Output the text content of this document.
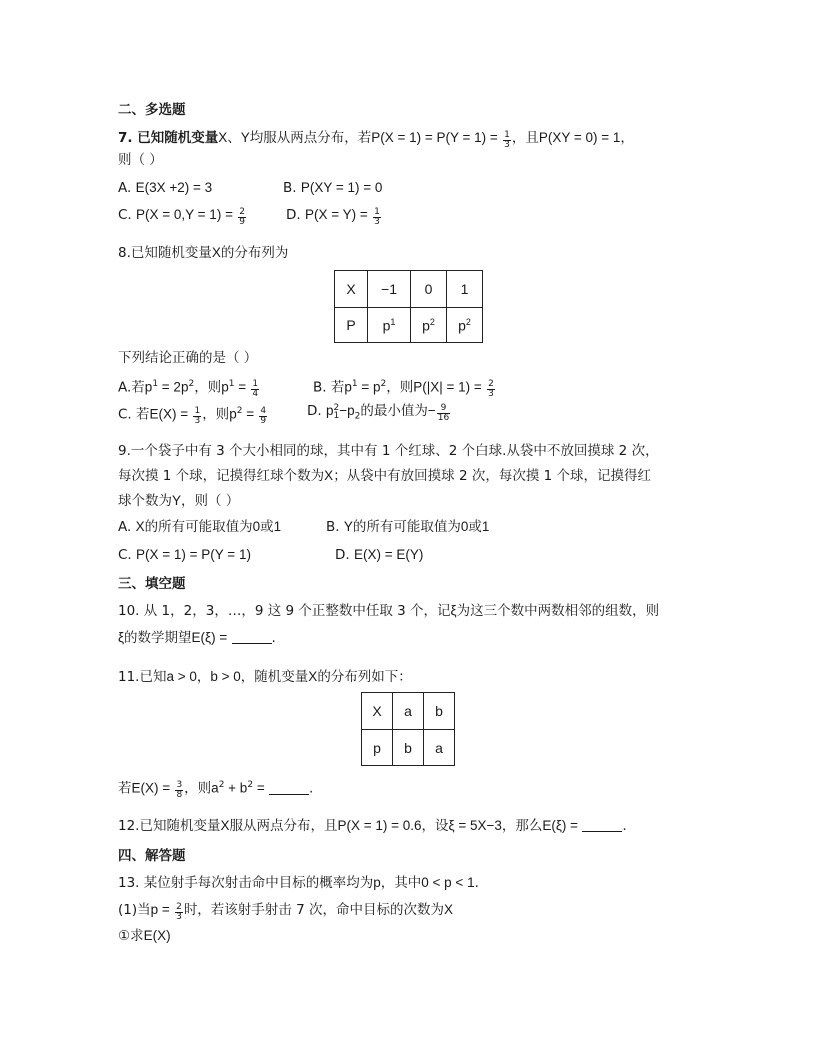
二、多选题
7. 已知随机变量X、Y均服从两点分布，若$P(X = 1) = P(Y = 1) = \frac{1}{3}$ ，且P(XY = 0) = 1，
则（ ）
A. E(3X +2) = 3	B. P(XY = 1) = 0
C. $P(X = 0,Y = 1) = \frac{2}{9}$	D. $P(X = Y) = \frac{1}{3}$
8.已知随机变量X的分布列为
X	−1	0	1
P	$p^1$	$p^2$	$p^2$
下列结论正确的是（ ）
A.若$p^1 = 2p^2$，则$p^1 = \frac{1}{4}$	B. 若$p^1 = p^2$，则$P(|X| = 1) = \frac{2}{3}$
C. 若$E(X) = \frac{1}{3}$ ，则$p^2 = \frac{4}{9}$	D. p 2
$1 -p_2$的最小值为− $\frac{9}{16}$
9.一个袋子中有 3 个大小相同的球，其中有 1 个红球、2 个白球.从袋中不放回摸球 2 次，
每次摸 1 个球，记摸得红球个数为X；从袋中有放回摸球 2 次，每次摸 1 个球，记摸得红
球个数为Y，则（ ）
A. X的所有可能取值为0或1	B. Y的所有可能取值为0或1
C. P(X = 1) = P(Y = 1)	D. E(X) = E(Y)
三、填空题
10. 从 1，2，3，…，9 这 9 个正整数中任取 3 个，记ξ为这三个数中两数相邻的组数，则
ξ的数学期望E(ξ) =	.
11.已知a > 0，b > 0，随机变量X的分布列如下：
X	a	b
p	b	a
若$E(X) = \frac{3}{8}$ ，则$a^2 + b^2$ =	.
12.已知随机变量X服从两点分布，且P(X = 1) = 0.6，设ξ = 5X−3，那么E(ξ) =	.
四、解答题
13. 某位射手每次射击命中目标的概率均为p，其中0 < p < 1.
(1)当$p = \frac{2}{3}$ 时，若该射手射击 7 次，命中目标的次数为X
①求E(X)
